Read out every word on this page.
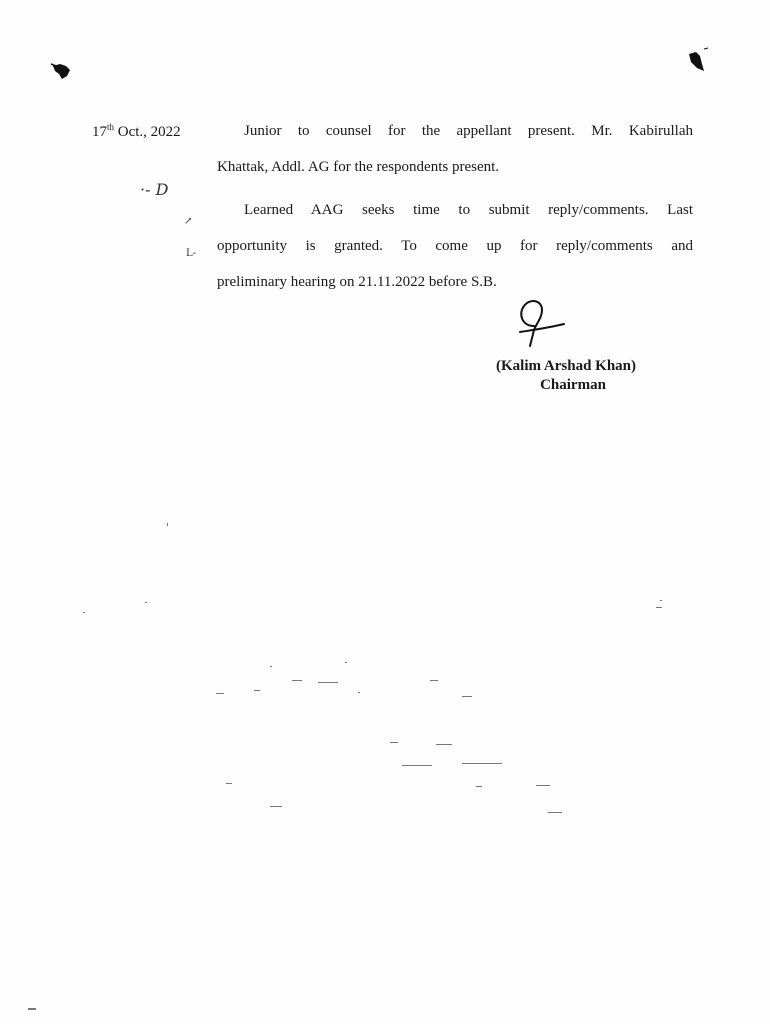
17th Oct., 2022
·- D
↗
L-
Junior to counsel for the appellant present. Mr. Kabirullah
Khattak, Addl. AG for the respondents present.
Learned AAG seeks time to submit reply/comments. Last
opportunity is granted. To come up for reply/comments and
preliminary hearing on 21.11.2022 before S.B.
(Kalim Arshad Khan)
Chairman
